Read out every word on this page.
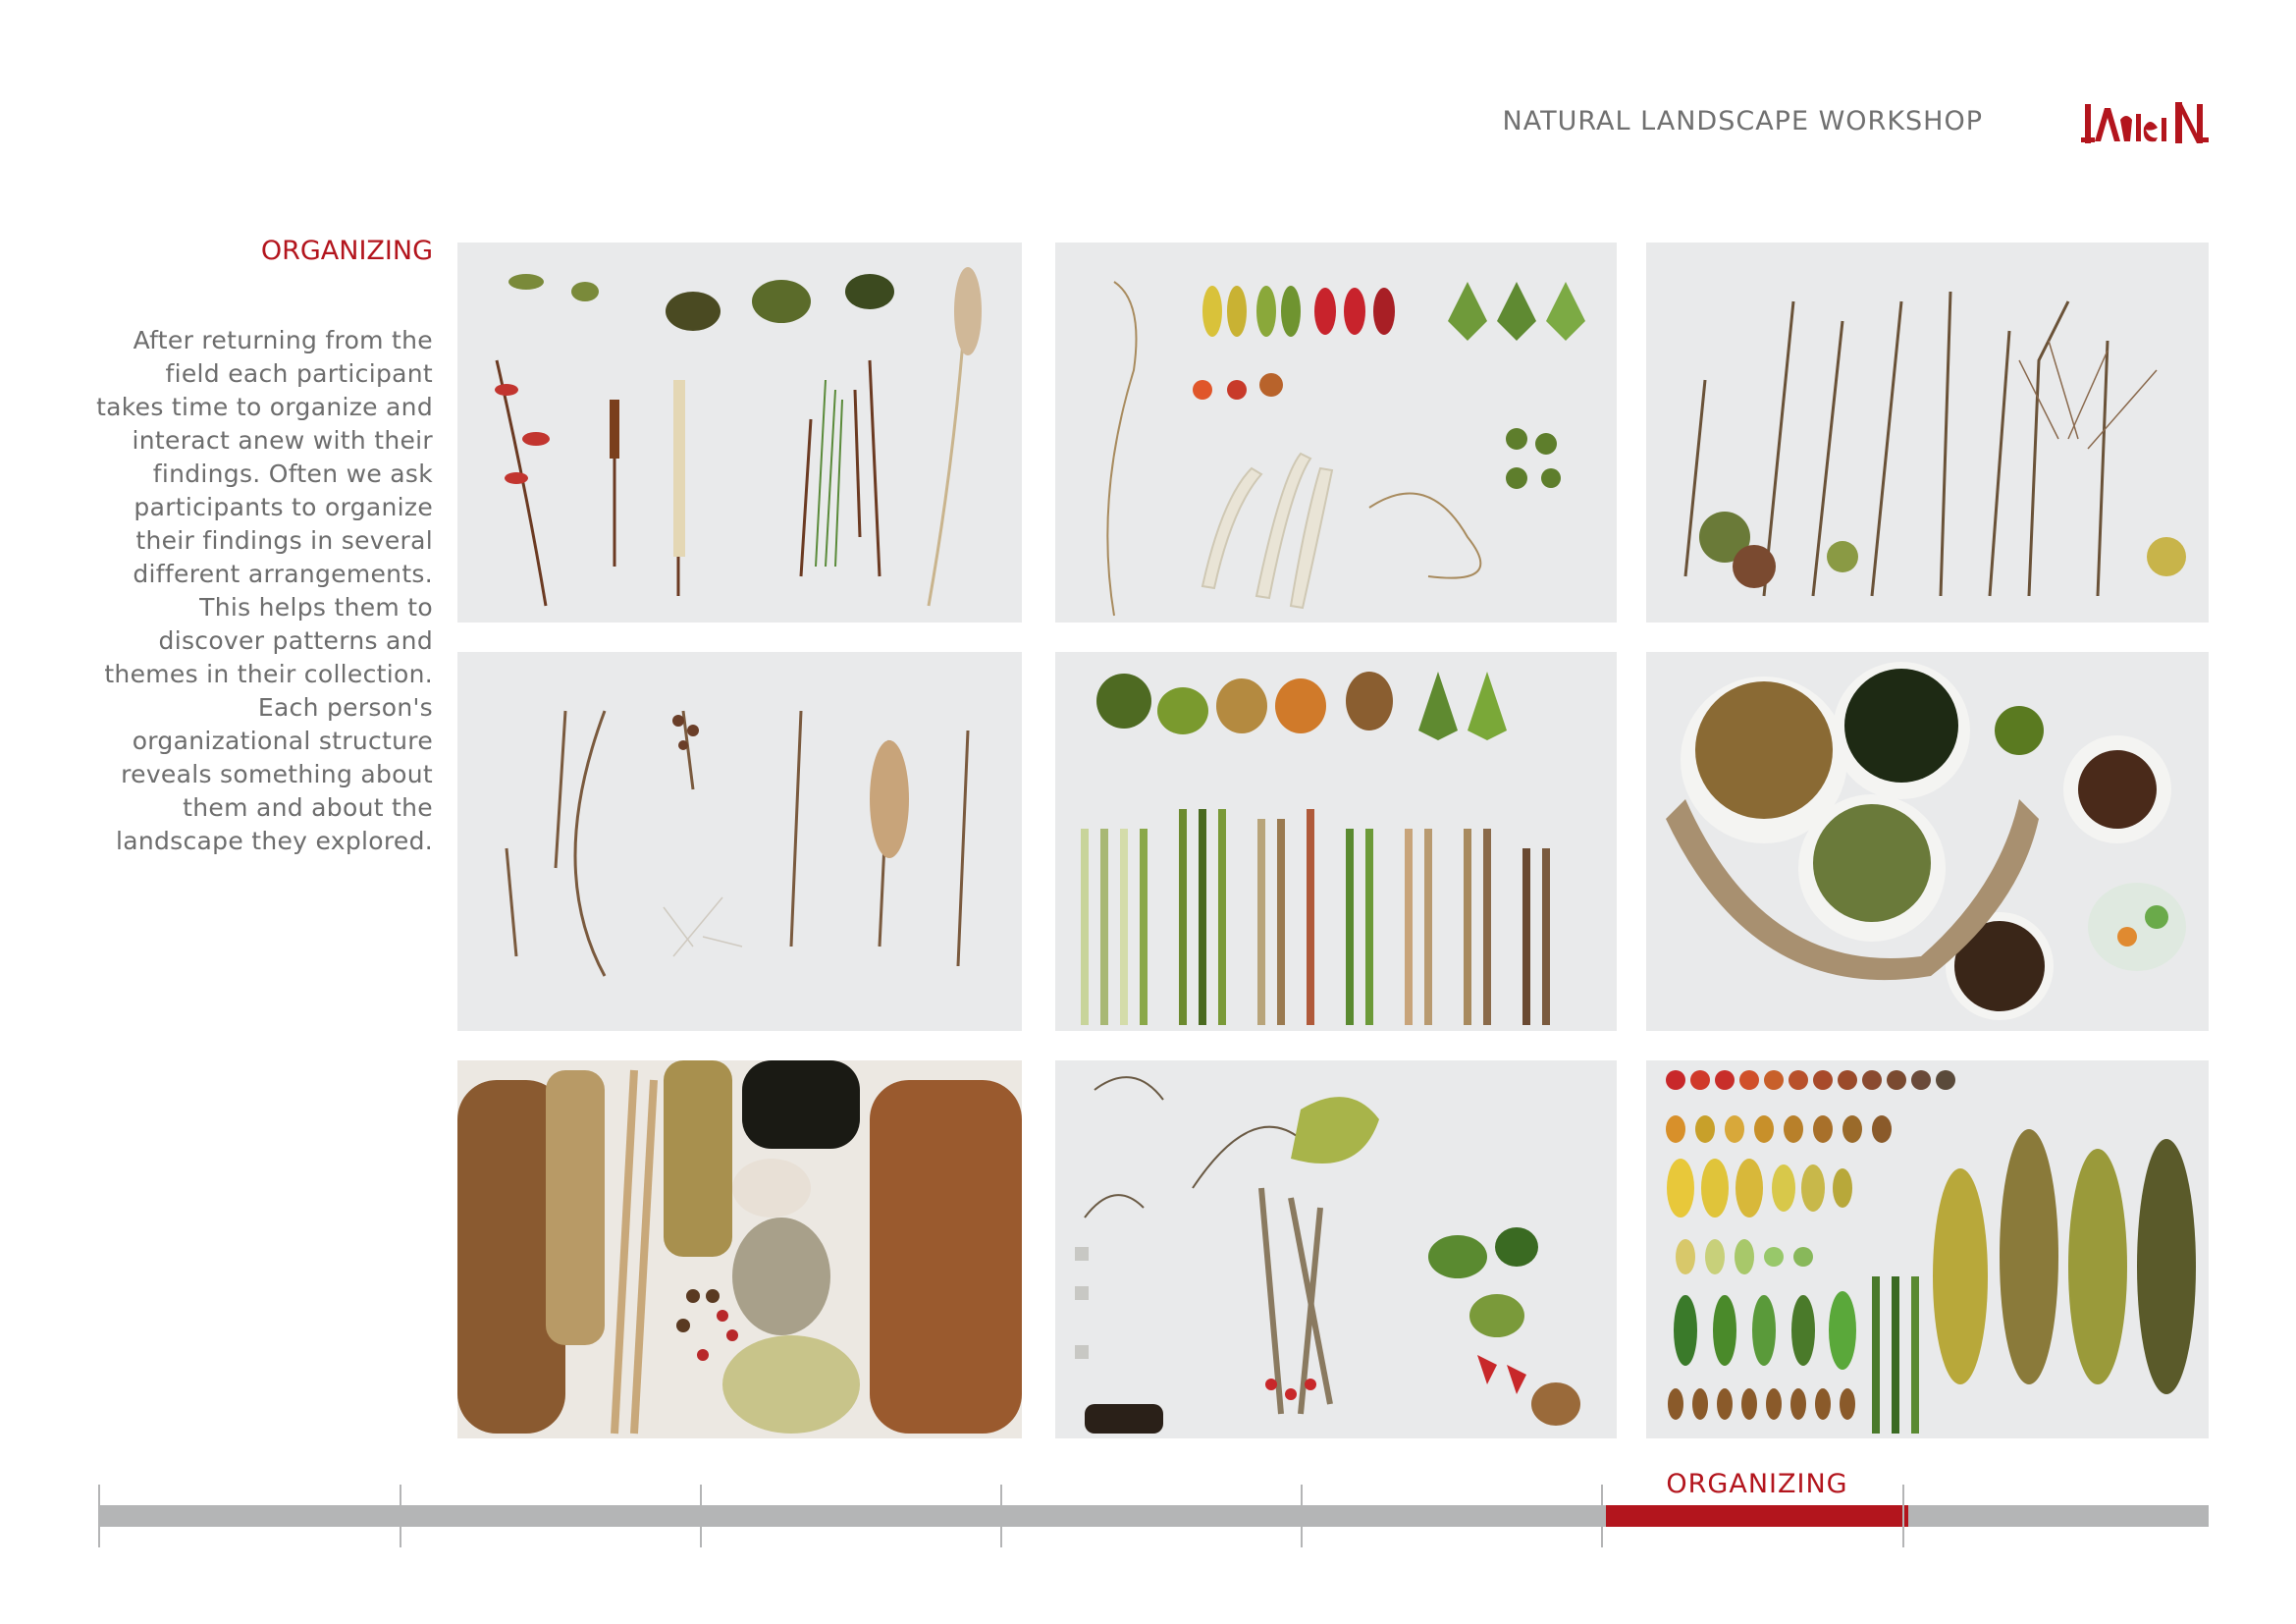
NATURAL LANDSCAPE WORKSHOP
ORGANIZING
After returning from the field each participant takes time to organize and interact anew with their findings. Often we ask participants to organize their findings in several different arrangements. This helps them to discover patterns and themes in their collection. Each person's organizational structure reveals something about them and about the landscape they explored.
ORGANIZING
